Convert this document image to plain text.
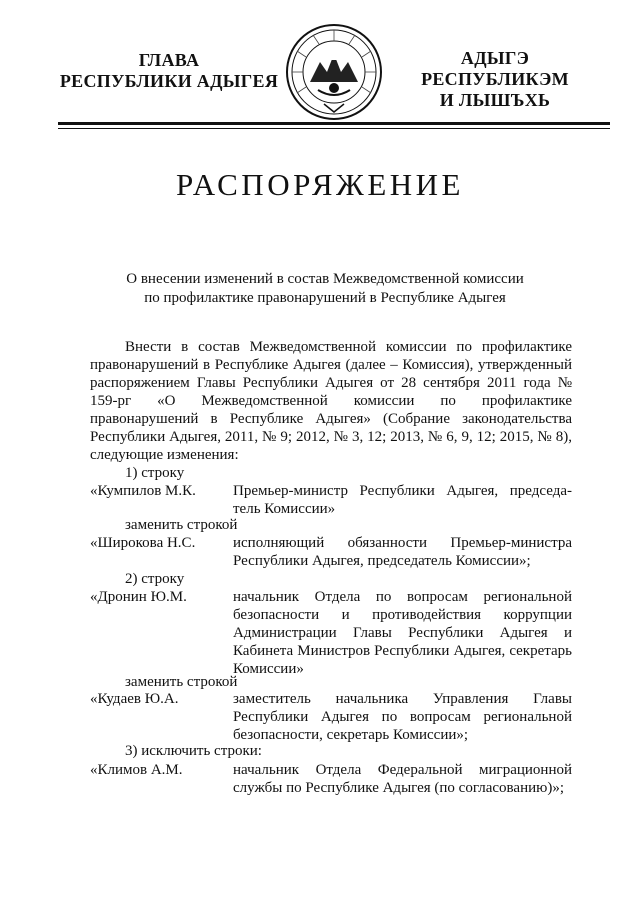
ГЛАВА
РЕСПУБЛИКИ АДЫГЕЯ
АДЫГЭ РЕСПУБЛИКЭМ
И ЛЫШЪХЬ
РАСПОРЯЖЕНИЕ
О внесении изменений в состав Межведомственной комиссии
по профилактике правонарушений в Республике Адыгея
Внести в состав Межведомственной комиссии по профилактике правонарушений в Республике Адыгея (далее – Комиссия), утвержденный распоряжением Главы Республики Адыгея от 28 сентября 2011 года № 159-рг «О Межведомственной комиссии по профилактике правонарушений в Республике Адыгея» (Собрание законодательства Республики Адыгея, 2011, № 9; 2012, № 3, 12; 2013, № 6, 9, 12; 2015, № 8), следующие изменения:
1) строку
«Кумпилов М.К.	Премьер-министр Республики Адыгея, председа-
тель Комиссии»
заменить строкой
«Широкова Н.С.	исполняющий обязанности Премьер-министра
Республики Адыгея, председатель Комиссии»;
2) строку
«Дронин Ю.М.	начальник Отдела по вопросам региональной
безопасности и противодействия коррупции
Администрации Главы Республики Адыгея и
Кабинета Министров Республики Адыгея, секретарь
Комиссии»
заменить строкой
«Кудаев Ю.А.	заместитель начальника Управления Главы
Республики Адыгея по вопросам региональной
безопасности, секретарь Комиссии»;
3) исключить строки:
«Климов А.М.	начальник Отдела Федеральной миграционной
службы по Республике Адыгея (по согласованию)»;
